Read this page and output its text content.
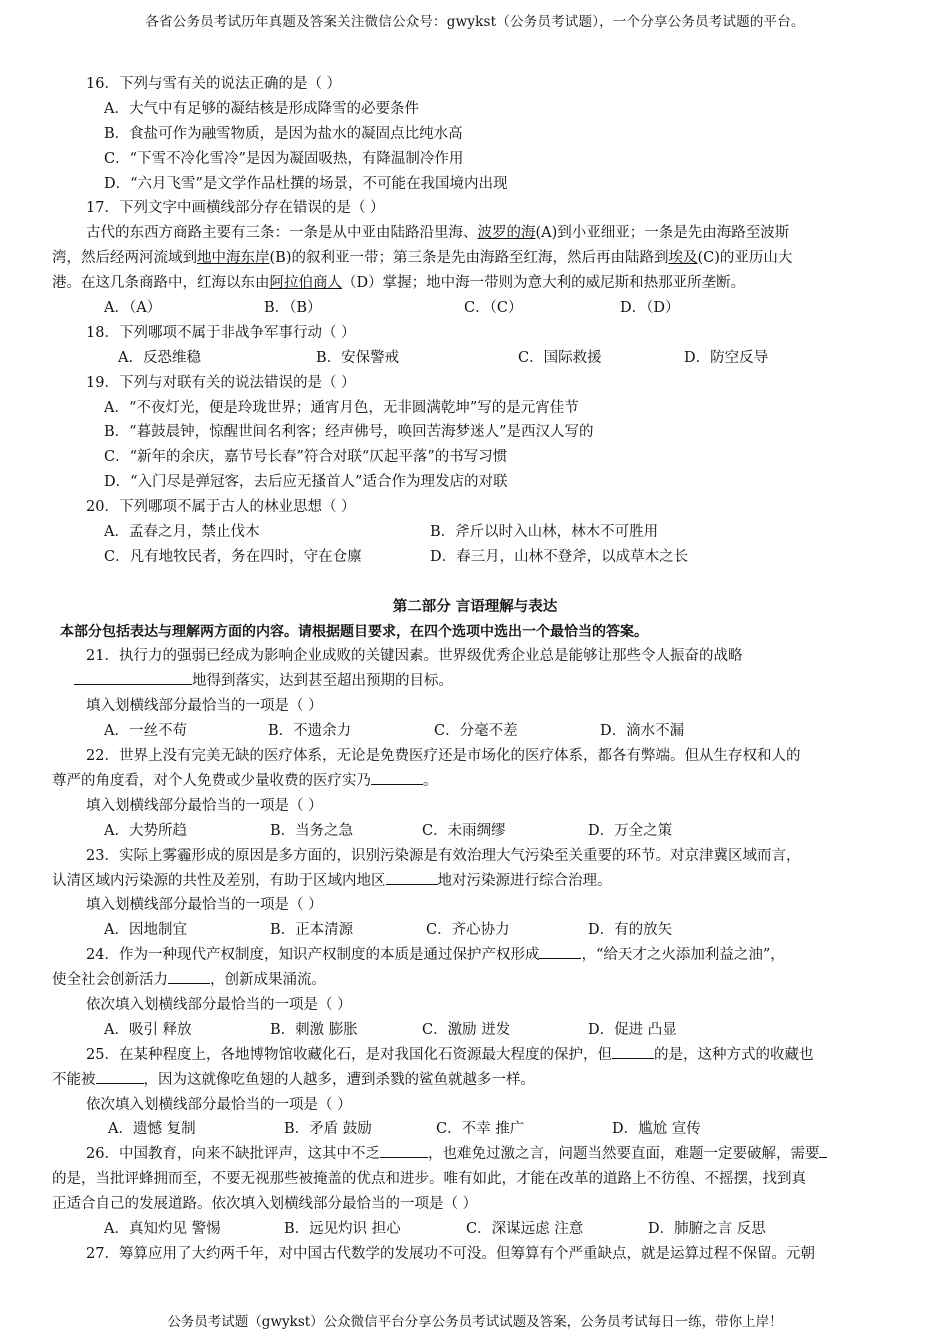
各省公务员考试历年真题及答案关注微信公众号：gwykst（公务员考试题），一个分享公务员考试题的平台。
16．下列与雪有关的说法正确的是（ ）
A．大气中有足够的凝结核是形成降雪的必要条件
B．食盐可作为融雪物质，是因为盐水的凝固点比纯水高
C．“下雪不冷化雪冷”是因为凝固吸热，有降温制冷作用
D．“六月飞雪”是文学作品杜撰的场景，不可能在我国境内出现
17．下列文字中画横线部分存在错误的是（ ）
古代的东西方商路主要有三条：一条是从中亚由陆路沿里海、波罗的海(A)到小亚细亚；一条是先由海路至波斯
湾，然后经两河流域到地中海东岸(B)的叙利亚一带；第三条是先由海路至红海，然后再由陆路到埃及(C)的亚历山大
港。在这几条商路中，红海以东由阿拉伯商人（D）掌握；地中海一带则为意大利的威尼斯和热那亚所垄断。
A．（A）	B．（B）	C．（C）	D．（D）
18．下列哪项不属于非战争军事行动（ ）
A．反恐维稳	B．安保警戒	C．国际救援	D．防空反导
19．下列与对联有关的说法错误的是（ ）
A．“不夜灯光，便是玲珑世界；通宵月色，无非圆满乾坤”写的是元宵佳节
B．“暮鼓晨钟，惊醒世间名利客；经声佛号，唤回苦海梦迷人”是西汉人写的
C．“新年的余庆，嘉节号长春”符合对联“仄起平落”的书写习惯
D．“入门尽是弹冠客，去后应无搔首人”适合作为理发店的对联
20．下列哪项不属于古人的林业思想（ ）
A．孟春之月，禁止伐木	B．斧斤以时入山林，林木不可胜用
C．凡有地牧民者，务在四时，守在仓廪	D．春三月，山林不登斧，以成草木之长
第二部分 言语理解与表达
本部分包括表达与理解两方面的内容。请根据题目要求，在四个选项中选出一个最恰当的答案。
21．执行力的强弱已经成为影响企业成败的关键因素。世界级优秀企业总是能够让那些令人振奋的战略
地得到落实，达到甚至超出预期的目标。
填入划横线部分最恰当的一项是（ ）
A．一丝不苟	B．不遗余力	C．分毫不差	D．滴水不漏
22．世界上没有完美无缺的医疗体系，无论是免费医疗还是市场化的医疗体系，都各有弊端。但从生存权和人的
尊严的角度看，对个人免费或少量收费的医疗实乃	。
填入划横线部分最恰当的一项是（ ）
A．大势所趋	B．当务之急	C．未雨绸缪	D．万全之策
23．实际上雾霾形成的原因是多方面的，识别污染源是有效治理大气污染至关重要的环节。对京津冀区域而言，
认清区域内污染源的共性及差别，有助于区域内地区	地对污染源进行综合治理。
填入划横线部分最恰当的一项是（ ）
A．因地制宜	B．正本清源	C．齐心协力	D．有的放矢
24．作为一种现代产权制度，知识产权制度的本质是通过保护产权形成	，“给天才之火添加利益之油”，
使全社会创新活力	，创新成果涌流。
依次填入划横线部分最恰当的一项是（ ）
A．吸引 释放	B．刺激 膨胀	C．激励 迸发	D．促进 凸显
25．在某种程度上，各地博物馆收藏化石，是对我国化石资源最大程度的保护，但	的是，这种方式的收藏也
不能被	，因为这就像吃鱼翅的人越多，遭到杀戮的鲨鱼就越多一样。
依次填入划横线部分最恰当的一项是（ ）
A．遗憾 复制	B．矛盾 鼓励	C．不幸 推广	D．尴尬 宣传
26．中国教育，向来不缺批评声，这其中不乏	，也难免过激之言，问题当然要直面，难题一定要破解，需要
的是，当批评蜂拥而至，不要无视那些被掩盖的优点和进步。唯有如此，才能在改革的道路上不彷徨、不摇摆，找到真
正适合自己的发展道路。依次填入划横线部分最恰当的一项是（ ）
A．真知灼见 警惕	B．远见灼识 担心	C．深谋远虑 注意	D．肺腑之言 反思
27．筹算应用了大约两千年，对中国古代数学的发展功不可没。但筹算有个严重缺点，就是运算过程不保留。元朝
公务员考试题（gwykst）公众微信平台分享公务员考试试题及答案，公务员考试每日一练，带你上岸！
